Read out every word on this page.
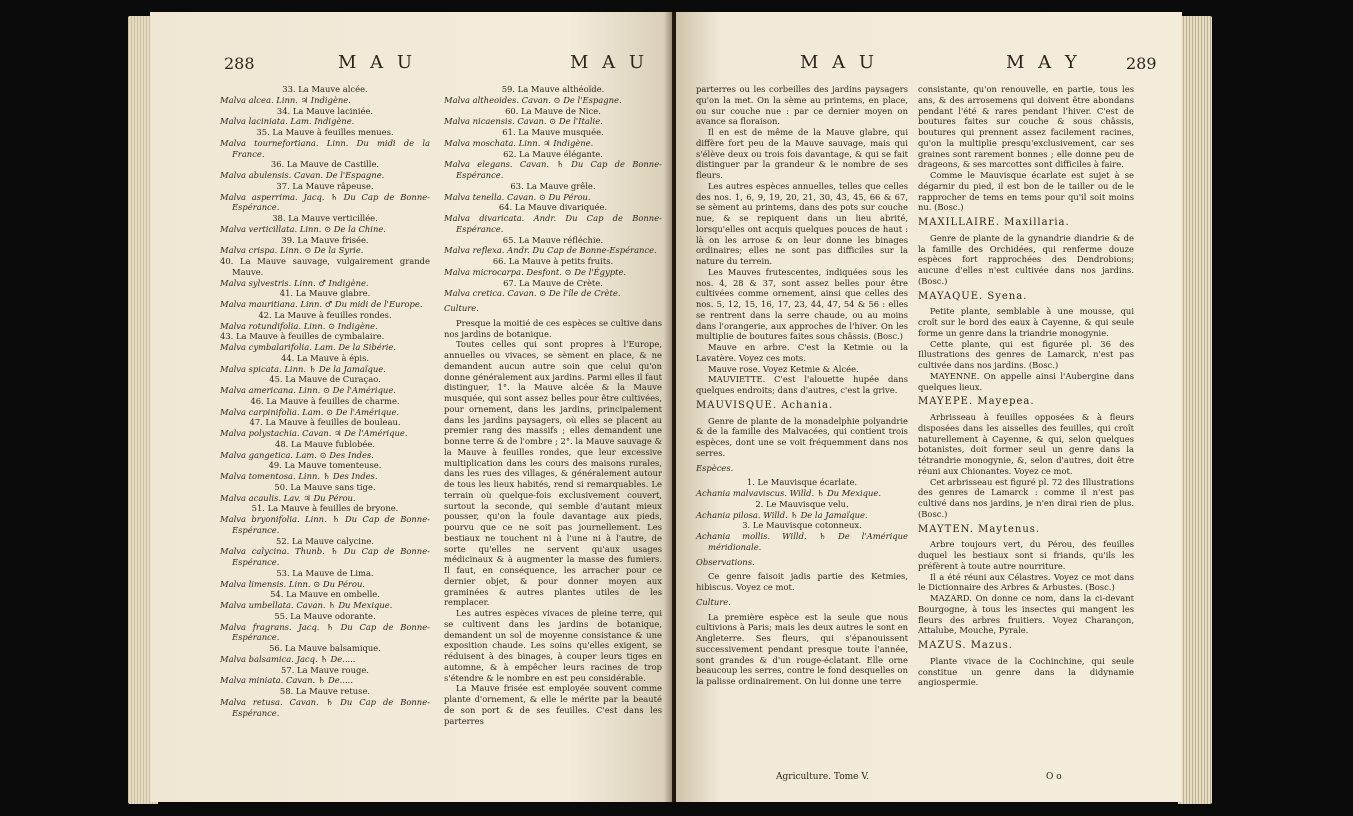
288	M A U	M A U

33. La Mauve alcée.

Malva alcea. Linn. ♃ Indigène.

34. La Mauve laciniée.

Malva laciniata. Lam. Indigène.

35. La Mauve à feuilles menues.

Malva tournefortiana. Linn. Du midi de la France.

36. La Mauve de Castille.

Malva abulensis. Cavan. De l'Espagne.

37. La Mauve râpeuse.

Malva asperrima. Jacq. ♄ Du Cap de Bonne-Espérance.

38. La Mauve verticillée.

Malva verticillata. Linn. ⊙ De la Chine.

39. La Mauve frisée.

Malva crispa. Linn. ⊙ De la Syrie.

40. La Mauve sauvage, vulgairement grande Mauve.

Malva sylvestris. Linn. ♂ Indigène.

41. La Mauve glabre.

Malva mauritiana. Linn. ♂ Du midi de l'Europe.

42. La Mauve à feuilles rondes.

Malva rotundifolia. Linn. ⊙ Indigène.

43. La Mauve à feuilles de cymbalaire.

Malva cymbalarifolia. Lam. De la Sibérie.

44. La Mauve à épis.

Malva spicata. Linn. ♄ De la Jamaïque.

45. La Mauve de Curaçao.

Malva americana. Linn. ⊙ De l'Amérique.

46. La Mauve à feuilles de charme.

Malva carpinifolia. Lam. ⊙ De l'Amérique.

47. La Mauve à feuilles de bouleau.

Malva polystachia. Cavan. ♃ De l'Amérique.

48. La Mauve fublobée.

Malva gangetica. Lam. ⊙ Des Indes.

49. La Mauve tomenteuse.

Malva tomentosa. Linn. ♄ Des Indes.

50. La Mauve sans tige.

Malva acaulis. Lav. ♃ Du Pérou.

51. La Mauve à feuilles de bryone.

Malva bryonifolia. Linn. ♄ Du Cap de Bonne-Espérance.

52. La Mauve calycine.

Malva calycina. Thunb. ♄ Du Cap de Bonne-Espérance.

53. La Mauve de Lima.

Malva limensis. Linn. ⊙ Du Pérou.

54. La Mauve en ombelle.

Malva umbellata. Cavan. ♄ Du Mexique.

55. La Mauve odorante.

Malva fragrans. Jacq. ♄ Du Cap de Bonne-Espérance.

56. La Mauve balsamique.

Malva balsamica. Jacq. ♄ De.....

57. La Mauve rouge.

Malva miniata. Cavan. ♄ De.....

58. La Mauve retuse.

Malva retusa. Cavan. ♄ Du Cap de Bonne-Espérance.

59. La Mauve althéoïde.

Malva altheoides. Cavan. ⊙ De l'Espagne.

60. La Mauve de Nice.

Malva nicaensis. Cavan. ⊙ De l'Italie.

61. La Mauve musquée.

Malva moschata. Linn. ♃ Indigène.

62. La Mauve élégante.

Malva elegans. Cavan. ♄ Du Cap de Bonne-Espérance.

63. La Mauve grêle.

Malva tenella. Cavan. ⊙ Du Pérou.

64. La Mauve divariquée.

Malva divaricata. Andr. Du Cap de Bonne-Espérance.

65. La Mauve réfléchie.

Malva reflexa. Andr. Du Cap de Bonne-Espérance.

66. La Mauve à petits fruits.

Malva microcarpa. Desfont. ⊙ De l'Égypte.

67. La Mauve de Crète.

Malva cretica. Cavan. ⊙ De l'île de Crète.

Culture.

Presque la moitié de ces espèces se cultive dans nos jardins de botanique.

Toutes celles qui sont propres à l'Europe, annuelles ou vivaces, se sèment en place, & ne demandent aucun autre soin que celui qu'on donne généralement aux jardins. Parmi elles il faut distinguer, 1°. la Mauve alcée & la Mauve musquée, qui sont assez belles pour être cultivées, pour ornement, dans les jardins, principalement dans les jardins paysagers, où elles se placent au premier rang des massifs ; elles demandent une bonne terre & de l'ombre ; 2°. la Mauve sauvage & la Mauve à feuilles rondes, que leur excessive multiplication dans les cours des maisons rurales, dans les rues des villages, & généralement autour de tous les lieux habités, rend si remarquables. Le terrain où quelque-fois exclusivement couvert, surtout la seconde, qui semble d'autant mieux pousser, qu'on la foule davantage aux pieds, pourvu que ce ne soit pas journellement. Les bestiaux ne touchent ni à l'une ni à l'autre, de sorte qu'elles ne servent qu'aux usages médicinaux & à augmenter la masse des fumiers. Il faut, en conséquence, les arracher pour ce dernier objet, & pour donner moyen aux graminées & autres plantes utiles de les remplacer.

Les autres espèces vivaces de pleine terre, qui se cultivent dans les jardins de botanique, demandent un sol de moyenne consistance & une exposition chaude. Les soins qu'elles exigent, se réduisent à des binages, à couper leurs tiges en automne, & à empêcher leurs racines de trop s'étendre & le nombre en est peu considérable.

La Mauve frisée est employée souvent comme plante d'ornement, & elle le mérite par la beauté de son port & de ses feuilles. C'est dans les parterres

M A U	M A Y	289

parterres ou les corbeilles des jardins paysagers qu'on la met. On la sème au printems, en place, ou sur couche nue : par ce dernier moyen on avance sa floraison.

Il en est de même de la Mauve glabre, qui diffère fort peu de la Mauve sauvage, mais qui s'élève deux ou trois fois davantage, & qui se fait distinguer par la grandeur & le nombre de ses fleurs.

Les autres espèces annuelles, telles que celles des nos. 1, 6, 9, 19, 20, 21, 30, 43, 45, 66 & 67, se sèment au printems, dans des pots sur couche nue, & se repiquent dans un lieu abrité, lorsqu'elles ont acquis quelques pouces de haut : là on les arrose & on leur donne les binages ordinaires; elles ne sont pas difficiles sur la nature du terrein.

Les Mauves frutescentes, indiquées sous les nos. 4, 28 & 37, sont assez belles pour être cultivées comme ornement, ainsi que celles des nos. 5, 12, 15, 16, 17, 23, 44, 47, 54 & 56 : elles se rentrent dans la serre chaude, ou au moins dans l'orangerie, aux approches de l'hiver. On les multiplie de boutures faites sous châssis. (Bosc.)

Mauve en arbre. C'est la Ketmie ou la Lavatère. Voyez ces mots.

Mauve rose. Voyez Ketmie & Alcée.

MAUVIETTE. C'est l'alouette hupée dans quelques endroits; dans d'autres, c'est la grive.

MAUVISQUE. Achania.

Genre de plante de la monadelphie polyandrie & de la famille des Malvacées, qui contient trois espèces, dont une se voit fréquemment dans nos serres.

Espèces.

1. Le Mauvisque écarlate.

Achania malvaviscus. Willd. ♄ Du Mexique.

2. Le Mauvisque velu.

Achania pilosa. Willd. ♄ De la Jamaïque.

3. Le Mauvisque cotonneux.

Achania mollis. Willd. ♄ De l'Amérique méridionale.

Observations.

Ce genre faisoit jadis partie des Ketmies, hibiscus. Voyez ce mot.

Culture.

La première espèce est la seule que nous cultivions à Paris; mais les deux autres le sont en Angleterre. Ses fleurs, qui s'épanouissent successivement pendant presque toute l'année, sont grandes & d'un rouge-éclatant. Elle orne beaucoup les serres, contre le fond desquelles on la palisse ordinairement. On lui donne une terre

consistante, qu'on renouvelle, en partie, tous les ans, & des arrosemens qui doivent être abondans pendant l'été & rares pendant l'hiver. C'est de boutures faites sur couche & sous châssis, boutures qui prennent assez facilement racines, qu'on la multiplie presqu'exclusivement, car ses graines sont rarement bonnes ; elle donne peu de drageons, & ses marcottes sont difficiles à faire.

Comme le Mauvisque écarlate est sujet à se dégarnir du pied, il est bon de le tailler ou de le rapprocher de tems en tems pour qu'il soit moins nu. (Bosc.)

MAXILLAIRE. Maxillaria.

Genre de plante de la gynandrie diandrie & de la famille des Orchidées, qui renferme douze espèces fort rapprochées des Dendrobions; aucune d'elles n'est cultivée dans nos jardins. (Bosc.)

MAYAQUE. Syena.

Petite plante, semblable à une mousse, qui croît sur le bord des eaux à Cayenne, & qui seule forme un genre dans la triandrie monogynie.

Cette plante, qui est figurée pl. 36 des Illustrations des genres de Lamarck, n'est pas cultivée dans nos jardins. (Bosc.)

MAYENNE. On appelle ainsi l'Aubergine dans quelques lieux.

MAYEPE. Mayepea.

Arbrisseau à feuilles opposées & à fleurs disposées dans les aisselles des feuilles, qui croît naturellement à Cayenne, & qui, selon quelques botanistes, doit former seul un genre dans la tétrandrie monogynie, &, selon d'autres, doit être réuni aux Chionantes. Voyez ce mot.

Cet arbrisseau est figuré pl. 72 des Illustrations des genres de Lamarck : comme il n'est pas cultivé dans nos jardins, je n'en dirai rien de plus. (Bosc.)

MAYTEN. Maytenus.

Arbre toujours vert, du Pérou, des feuilles duquel les bestiaux sont si friands, qu'ils les préfèrent à toute autre nourriture.

Il a été réuni aux Célastres. Voyez ce mot dans le Dictionnaire des Arbres & Arbustes. (Bosc.)

MAZARD. On donne ce nom, dans la ci-devant Bourgogne, à tous les insectes qui mangent les fleurs des arbres fruitiers. Voyez Charançon, Attalube, Mouche, Pyrale.

MAZUS. Mazus.

Plante vivace de la Cochinchine, qui seule constitue un genre dans la didynamie angiospermie.

Agriculture. Tome V.	O o
